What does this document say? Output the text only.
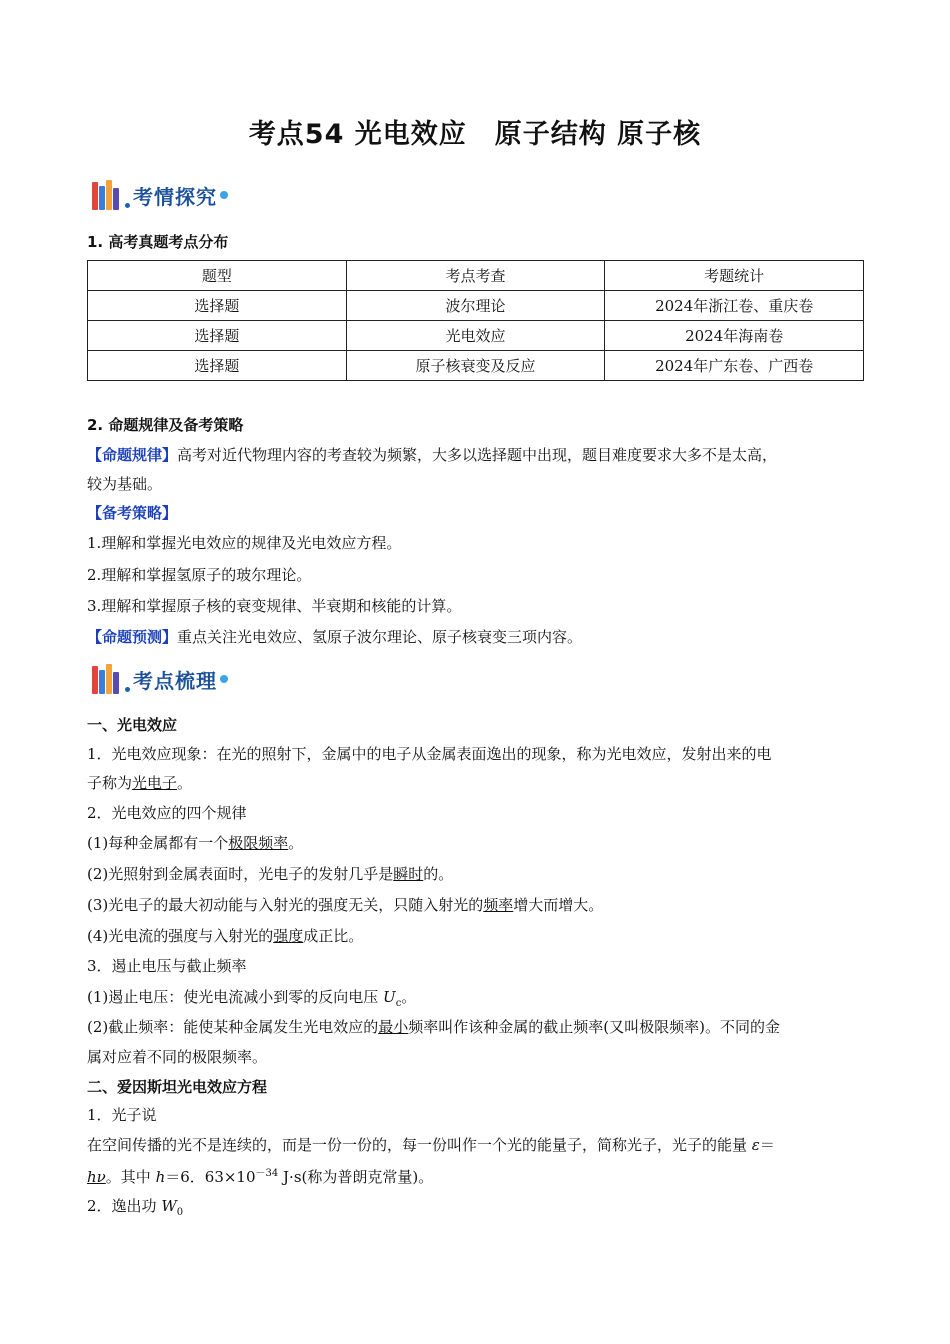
考点54 光电效应　原子结构 原子核
考情探究
1. 高考真题考点分布
题型	考点考查	考题统计
选择题	波尔理论	2024年浙江卷、重庆卷
选择题	光电效应	2024年海南卷
选择题	原子核衰变及反应	2024年广东卷、广西卷
2. 命题规律及备考策略
【命题规律】高考对近代物理内容的考查较为频繁，大多以选择题中出现，题目难度要求大多不是太高，
较为基础。
【备考策略】
1.理解和掌握光电效应的规律及光电效应方程。
2.理解和掌握氢原子的玻尔理论。
3.理解和掌握原子核的衰变规律、半衰期和核能的计算。
【命题预测】重点关注光电效应、氢原子波尔理论、原子核衰变三项内容。
考点梳理
一、光电效应
1．光电效应现象：在光的照射下，金属中的电子从金属表面逸出的现象，称为光电效应，发射出来的电
子称为光电子。
2．光电效应的四个规律
(1)每种金属都有一个极限频率。
(2)光照射到金属表面时，光电子的发射几乎是瞬时的。
(3)光电子的最大初动能与入射光的强度无关，只随入射光的频率增大而增大。
(4)光电流的强度与入射光的强度成正比。
3．遏止电压与截止频率
(1)遏止电压：使光电流减小到零的反向电压 $U_c$。
(2)截止频率：能使某种金属发生光电效应的最小频率叫作该种金属的截止频率(又叫极限频率)。不同的金
属对应着不同的极限频率。
二、爱因斯坦光电效应方程
1．光子说
在空间传播的光不是连续的，而是一份一份的，每一份叫作一个光的能量子，简称光子，光子的能量 ε＝
hν。其中 h＝6．$63\times 10^{-34}$ J·s(称为普朗克常量)。
2．逸出功 $W_0$
